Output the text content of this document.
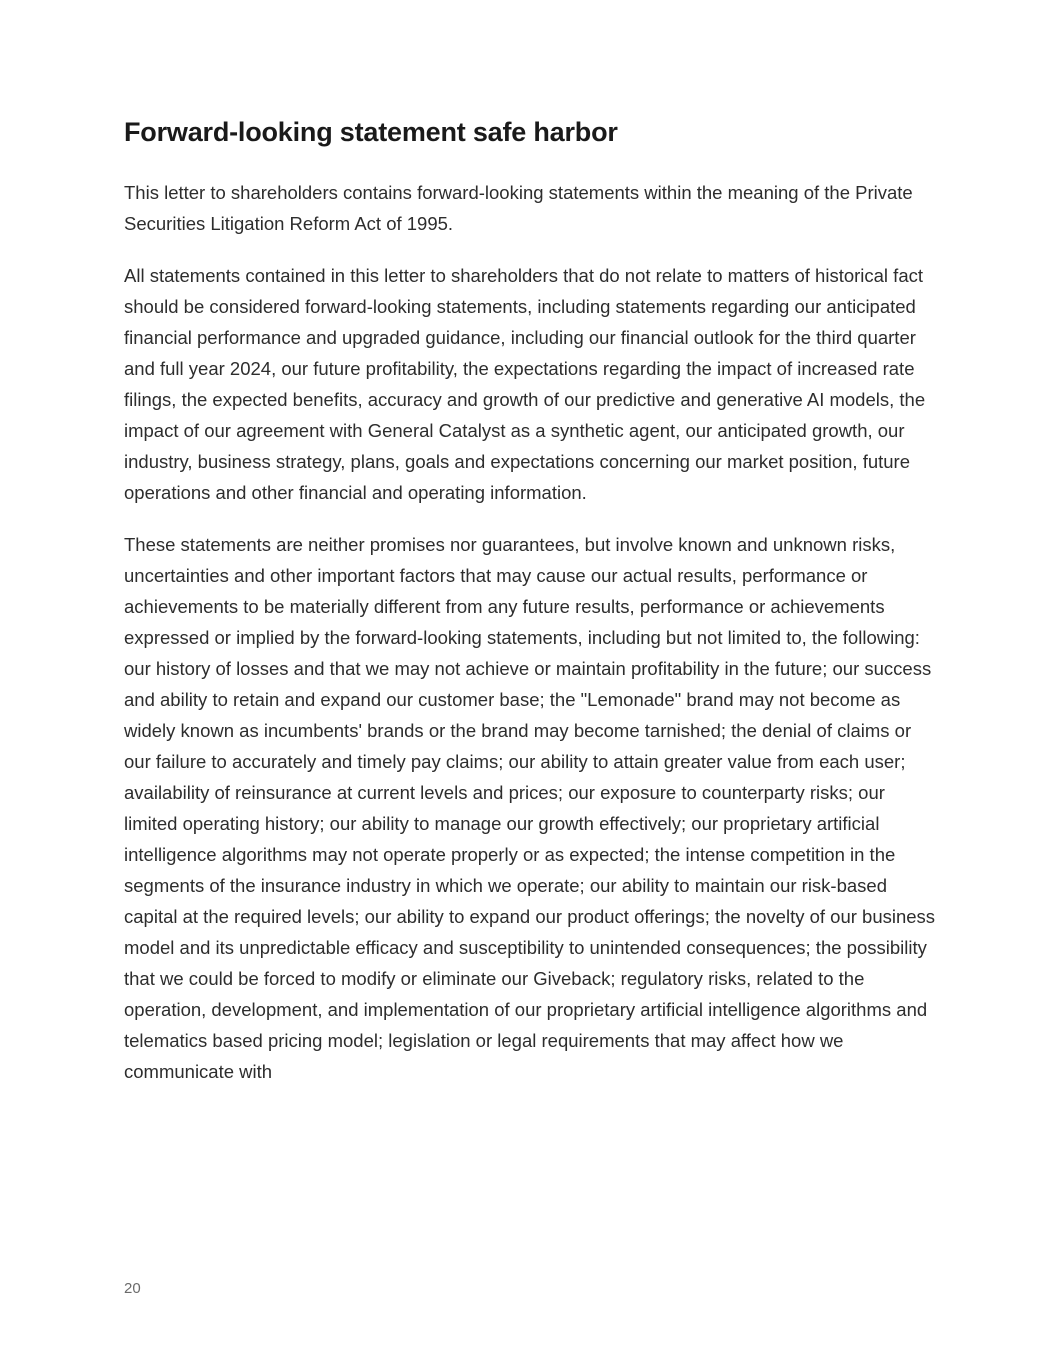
Forward-looking statement safe harbor

This letter to shareholders contains forward-looking statements within the meaning of the Private Securities Litigation Reform Act of 1995.

All statements contained in this letter to shareholders that do not relate to matters of historical fact should be considered forward-looking statements, including statements regarding our anticipated financial performance and upgraded guidance, including our financial outlook for the third quarter and full year 2024, our future profitability, the expectations regarding the impact of increased rate filings, the expected benefits, accuracy and growth of our predictive and generative AI models, the impact of our agreement with General Catalyst as a synthetic agent, our anticipated growth, our industry, business strategy, plans, goals and expectations concerning our market position, future operations and other financial and operating information.

These statements are neither promises nor guarantees, but involve known and unknown risks, uncertainties and other important factors that may cause our actual results, performance or achievements to be materially different from any future results, performance or achievements expressed or implied by the forward-looking statements, including but not limited to, the following: our history of losses and that we may not achieve or maintain profitability in the future; our success and ability to retain and expand our customer base; the "Lemonade" brand may not become as widely known as incumbents' brands or the brand may become tarnished; the denial of claims or our failure to accurately and timely pay claims; our ability to attain greater value from each user; availability of reinsurance at current levels and prices; our exposure to counterparty risks; our limited operating history; our ability to manage our growth effectively; our proprietary artificial intelligence algorithms may not operate properly or as expected; the intense competition in the segments of the insurance industry in which we operate; our ability to maintain our risk-based capital at the required levels; our ability to expand our product offerings; the novelty of our business model and its unpredictable efficacy and susceptibility to unintended consequences; the possibility that we could be forced to modify or eliminate our Giveback; regulatory risks, related to the operation, development, and implementation of our proprietary artificial intelligence algorithms and telematics based pricing model; legislation or legal requirements that may affect how we communicate with

20
